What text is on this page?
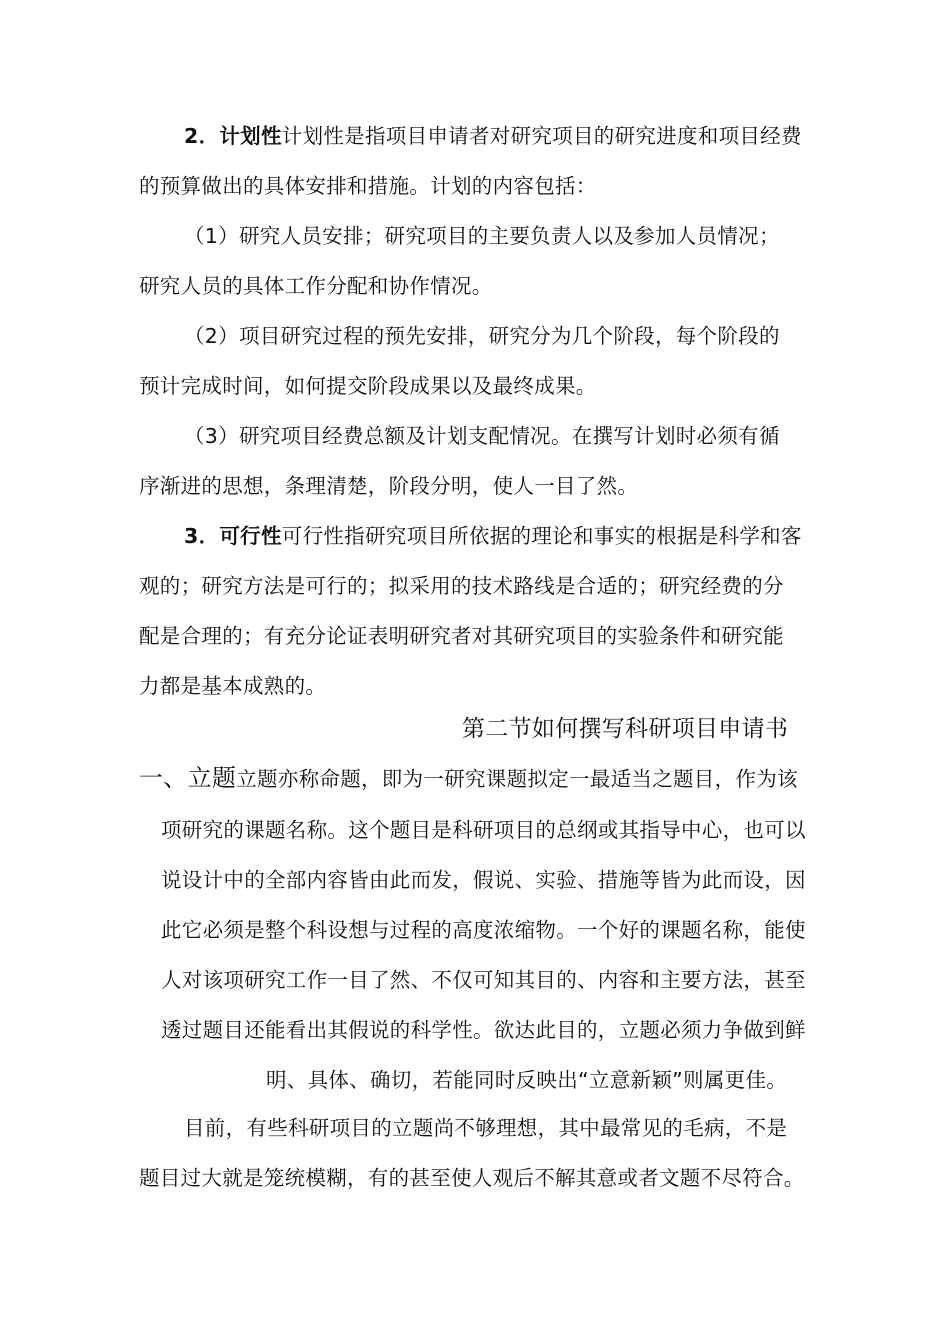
2．计划性计划性是指项目申请者对研究项目的研究进度和项目经费
的预算做出的具体安排和措施。计划的内容包括：
（1）研究人员安排；研究项目的主要负责人以及参加人员情况；
研究人员的具体工作分配和协作情况。
（2）项目研究过程的预先安排，研究分为几个阶段，每个阶段的
预计完成时间，如何提交阶段成果以及最终成果。
（3）研究项目经费总额及计划支配情况。在撰写计划时必须有循
序渐进的思想，条理清楚，阶段分明，使人一目了然。
3．可行性可行性指研究项目所依据的理论和事实的根据是科学和客
观的；研究方法是可行的；拟采用的技术路线是合适的；研究经费的分
配是合理的；有充分论证表明研究者对其研究项目的实验条件和研究能
力都是基本成熟的。
第二节如何撰写科研项目申请书
一、立题立题亦称命题，即为一研究课题拟定一最适当之题目，作为该
项研究的课题名称。这个题目是科研项目的总纲或其指导中心，也可以
说设计中的全部内容皆由此而发，假说、实验、措施等皆为此而设，因
此它必须是整个科设想与过程的高度浓缩物。一个好的课题名称，能使
人对该项研究工作一目了然、不仅可知其目的、内容和主要方法，甚至
透过题目还能看出其假说的科学性。欲达此目的，立题必须力争做到鲜
明、具体、确切，若能同时反映出“立意新颖”则属更佳。
目前，有些科研项目的立题尚不够理想，其中最常见的毛病，不是
题目过大就是笼统模糊，有的甚至使人观后不解其意或者文题不尽符合。
